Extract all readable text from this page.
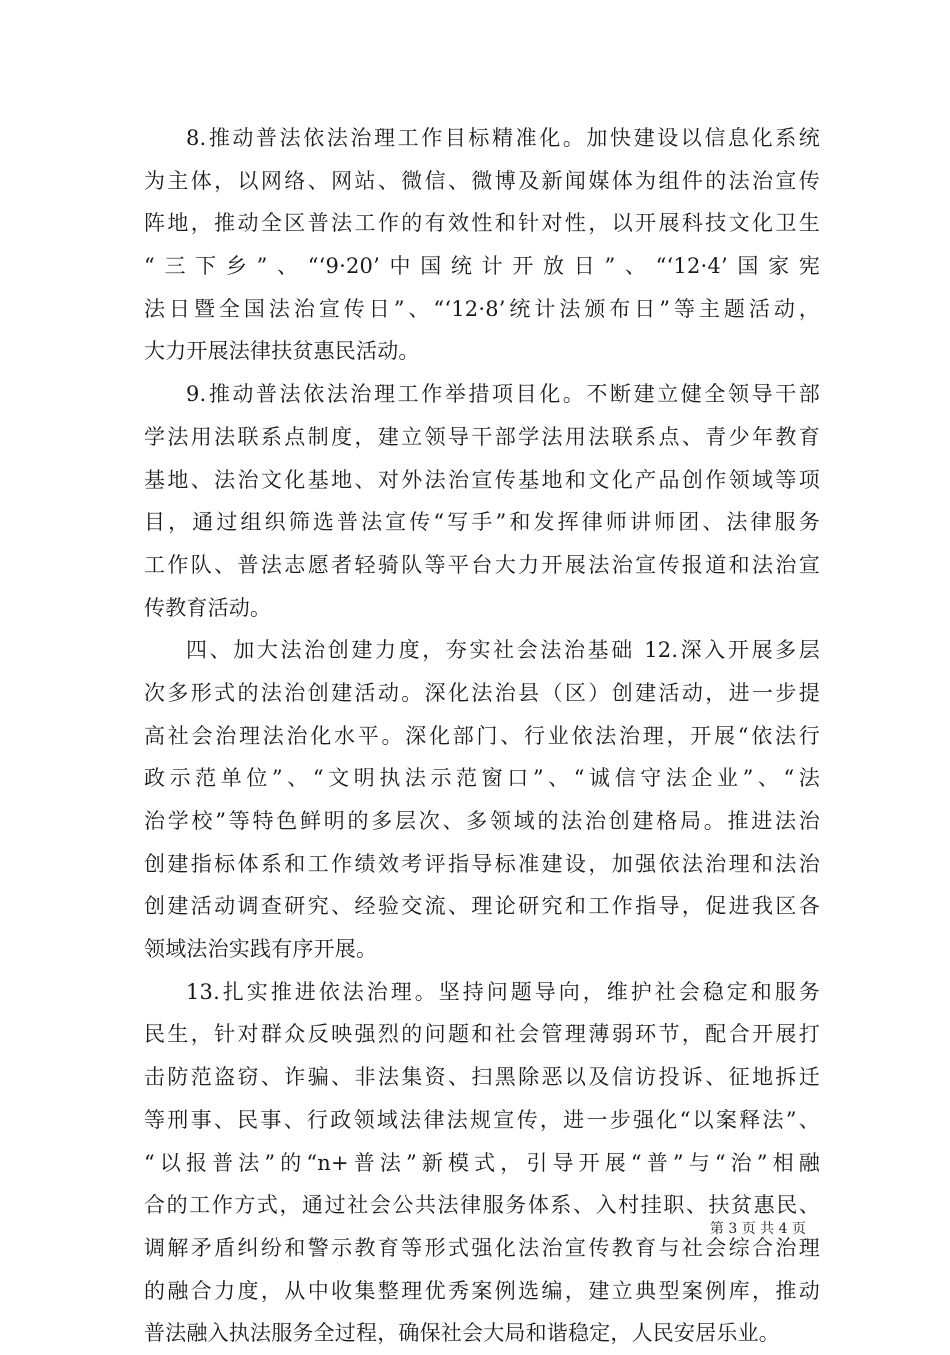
8.推动普法依法治理工作目标精准化。加快建设以信息化系统
为主体，以网络、网站、微信、微博及新闻媒体为组件的法治宣传
阵地，推动全区普法工作的有效性和针对性，以开展科技文化卫生
“三下乡”、“‘9·20’中国统计开放日”、“‘12·4’国家宪
法日暨全国法治宣传日”、“‘12·8’统计法颁布日”等主题活动，
大力开展法律扶贫惠民活动。
9.推动普法依法治理工作举措项目化。不断建立健全领导干部
学法用法联系点制度，建立领导干部学法用法联系点、青少年教育
基地、法治文化基地、对外法治宣传基地和文化产品创作领域等项
目，通过组织筛选普法宣传“写手”和发挥律师讲师团、法律服务
工作队、普法志愿者轻骑队等平台大力开展法治宣传报道和法治宣
传教育活动。
四、加大法治创建力度，夯实社会法治基础 12.深入开展多层
次多形式的法治创建活动。深化法治县（区）创建活动，进一步提
高社会治理法治化水平。深化部门、行业依法治理，开展“依法行
政示范单位”、“文明执法示范窗口”、“诚信守法企业”、“法
治学校”等特色鲜明的多层次、多领域的法治创建格局。推进法治
创建指标体系和工作绩效考评指导标准建设，加强依法治理和法治
创建活动调查研究、经验交流、理论研究和工作指导，促进我区各
领域法治实践有序开展。
13.扎实推进依法治理。坚持问题导向，维护社会稳定和服务
民生，针对群众反映强烈的问题和社会管理薄弱环节，配合开展打
击防范盗窃、诈骗、非法集资、扫黑除恶以及信访投诉、征地拆迁
等刑事、民事、行政领域法律法规宣传，进一步强化“以案释法”、
“以报普法”的“n+普法”新模式，引导开展“普”与“治”相融
合的工作方式，通过社会公共法律服务体系、入村挂职、扶贫惠民、
调解矛盾纠纷和警示教育等形式强化法治宣传教育与社会综合治理
的融合力度，从中收集整理优秀案例选编，建立典型案例库，推动
普法融入执法服务全过程，确保社会大局和谐稳定，人民安居乐业。
第 3 页 共 4 页
